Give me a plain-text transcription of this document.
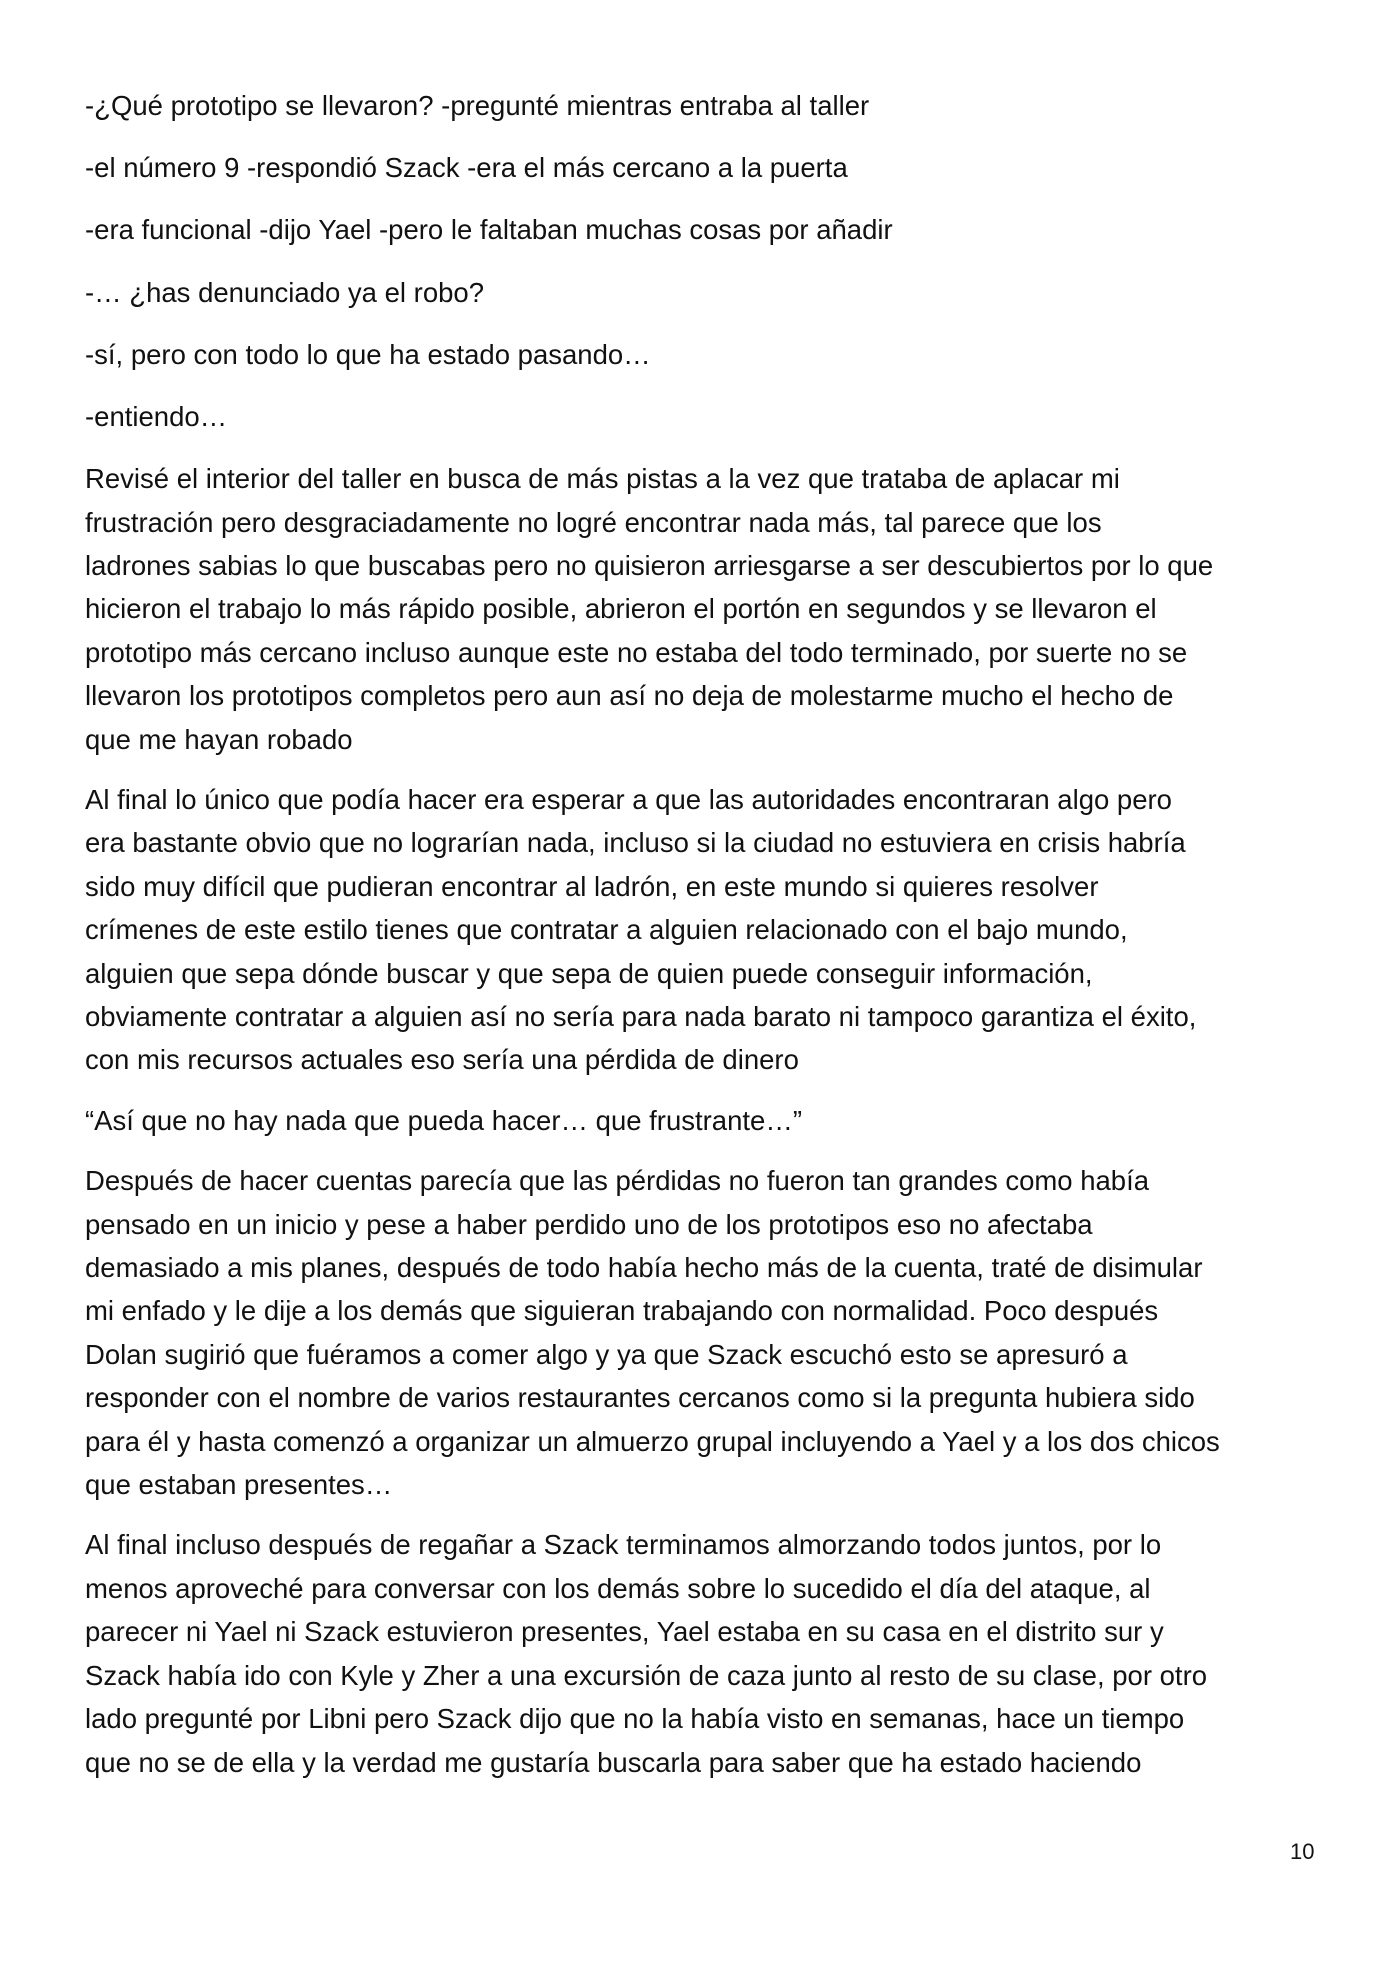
-¿Qué prototipo se llevaron? -pregunté mientras entraba al taller

-el número 9 -respondió Szack -era el más cercano a la puerta

-era funcional -dijo Yael -pero le faltaban muchas cosas por añadir

-… ¿has denunciado ya el robo?

-sí, pero con todo lo que ha estado pasando…

-entiendo…

Revisé el interior del taller en busca de más pistas a la vez que trataba de aplacar mi
frustración pero desgraciadamente no logré encontrar nada más, tal parece que los
ladrones sabias lo que buscabas pero no quisieron arriesgarse a ser descubiertos por lo que
hicieron el trabajo lo más rápido posible, abrieron el portón en segundos y se llevaron el
prototipo más cercano incluso aunque este no estaba del todo terminado, por suerte no se
llevaron los prototipos completos pero aun así no deja de molestarme mucho el hecho de
que me hayan robado

Al final lo único que podía hacer era esperar a que las autoridades encontraran algo pero
era bastante obvio que no lograrían nada, incluso si la ciudad no estuviera en crisis habría
sido muy difícil que pudieran encontrar al ladrón, en este mundo si quieres resolver
crímenes de este estilo tienes que contratar a alguien relacionado con el bajo mundo,
alguien que sepa dónde buscar y que sepa de quien puede conseguir información,
obviamente contratar a alguien así no sería para nada barato ni tampoco garantiza el éxito,
con mis recursos actuales eso sería una pérdida de dinero

“Así que no hay nada que pueda hacer… que frustrante…”

Después de hacer cuentas parecía que las pérdidas no fueron tan grandes como había
pensado en un inicio y pese a haber perdido uno de los prototipos eso no afectaba
demasiado a mis planes, después de todo había hecho más de la cuenta, traté de disimular
mi enfado y le dije a los demás que siguieran trabajando con normalidad. Poco después
Dolan sugirió que fuéramos a comer algo y ya que Szack escuchó esto se apresuró a
responder con el nombre de varios restaurantes cercanos como si la pregunta hubiera sido
para él y hasta comenzó a organizar un almuerzo grupal incluyendo a Yael y a los dos chicos
que estaban presentes…

Al final incluso después de regañar a Szack terminamos almorzando todos juntos, por lo
menos aproveché para conversar con los demás sobre lo sucedido el día del ataque, al
parecer ni Yael ni Szack estuvieron presentes, Yael estaba en su casa en el distrito sur y
Szack había ido con Kyle y Zher a una excursión de caza junto al resto de su clase, por otro
lado pregunté por Libni pero Szack dijo que no la había visto en semanas, hace un tiempo
que no se de ella y la verdad me gustaría buscarla para saber que ha estado haciendo

10
